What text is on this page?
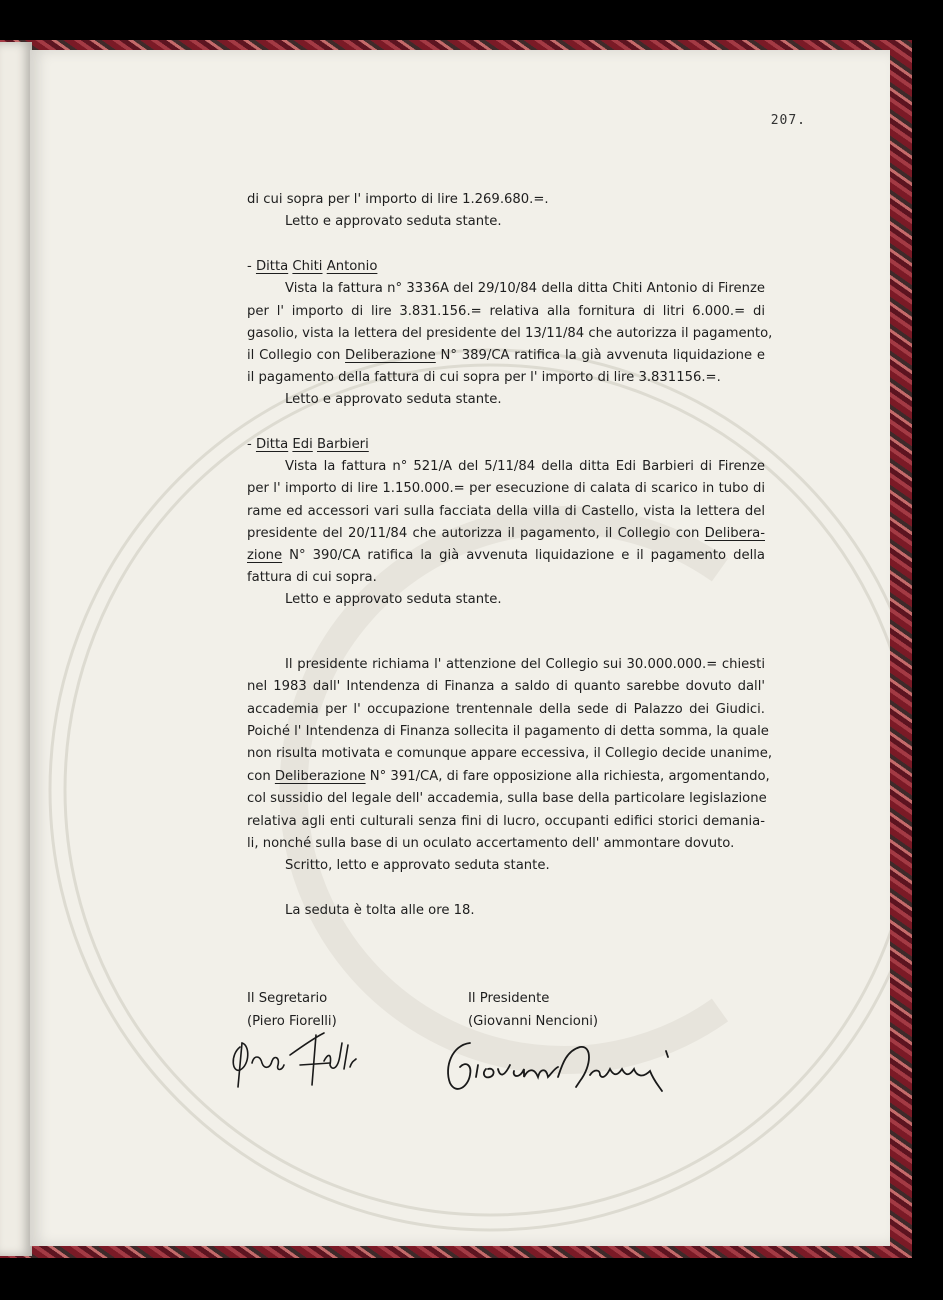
207.
di cui sopra per l' importo di lire 1.269.680.=.
Letto e approvato seduta stante.
- Ditta Chiti Antonio
Vista la fattura n° 3336A del 29/10/84 della ditta Chiti Antonio di Firenze
per l' importo di lire 3.831.156.= relativa alla fornitura di litri 6.000.= di
gasolio, vista la lettera del presidente del 13/11/84 che autorizza il pagamento,
il Collegio con Deliberazione N° 389/CA ratifica la già avvenuta liquidazione e
il pagamento della fattura di cui sopra per l' importo di lire 3.831156.=.
Letto e approvato seduta stante.
- Ditta Edi Barbieri
Vista la fattura n° 521/A del 5/11/84 della ditta Edi Barbieri di Firenze
per l' importo di lire 1.150.000.= per esecuzione di calata di scarico in tubo di
rame ed accessori vari sulla facciata della villa di Castello, vista la lettera del
presidente del 20/11/84 che autorizza il pagamento, il Collegio con Delibera-
zione N° 390/CA ratifica la già avvenuta liquidazione e il pagamento della
fattura di cui sopra.
Letto e approvato seduta stante.
Il presidente richiama l' attenzione del Collegio sui 30.000.000.= chiesti
nel 1983 dall' Intendenza di Finanza a saldo di quanto sarebbe dovuto dall'
accademia per l' occupazione trentennale della sede di Palazzo dei Giudici.
Poiché l' Intendenza di Finanza sollecita il pagamento di detta somma, la quale
non risulta motivata e comunque appare eccessiva, il Collegio decide unanime,
con Deliberazione N° 391/CA, di fare opposizione alla richiesta, argomentando,
col sussidio del legale dell' accademia, sulla base della particolare legislazione
relativa agli enti culturali senza fini di lucro, occupanti edifici storici demania-
li, nonché sulla base di un oculato accertamento dell' ammontare dovuto.
Scritto, letto e approvato seduta stante.
La seduta è tolta alle ore 18.
Il Segretario
(Piero Fiorelli)
Il Presidente
(Giovanni Nencioni)
